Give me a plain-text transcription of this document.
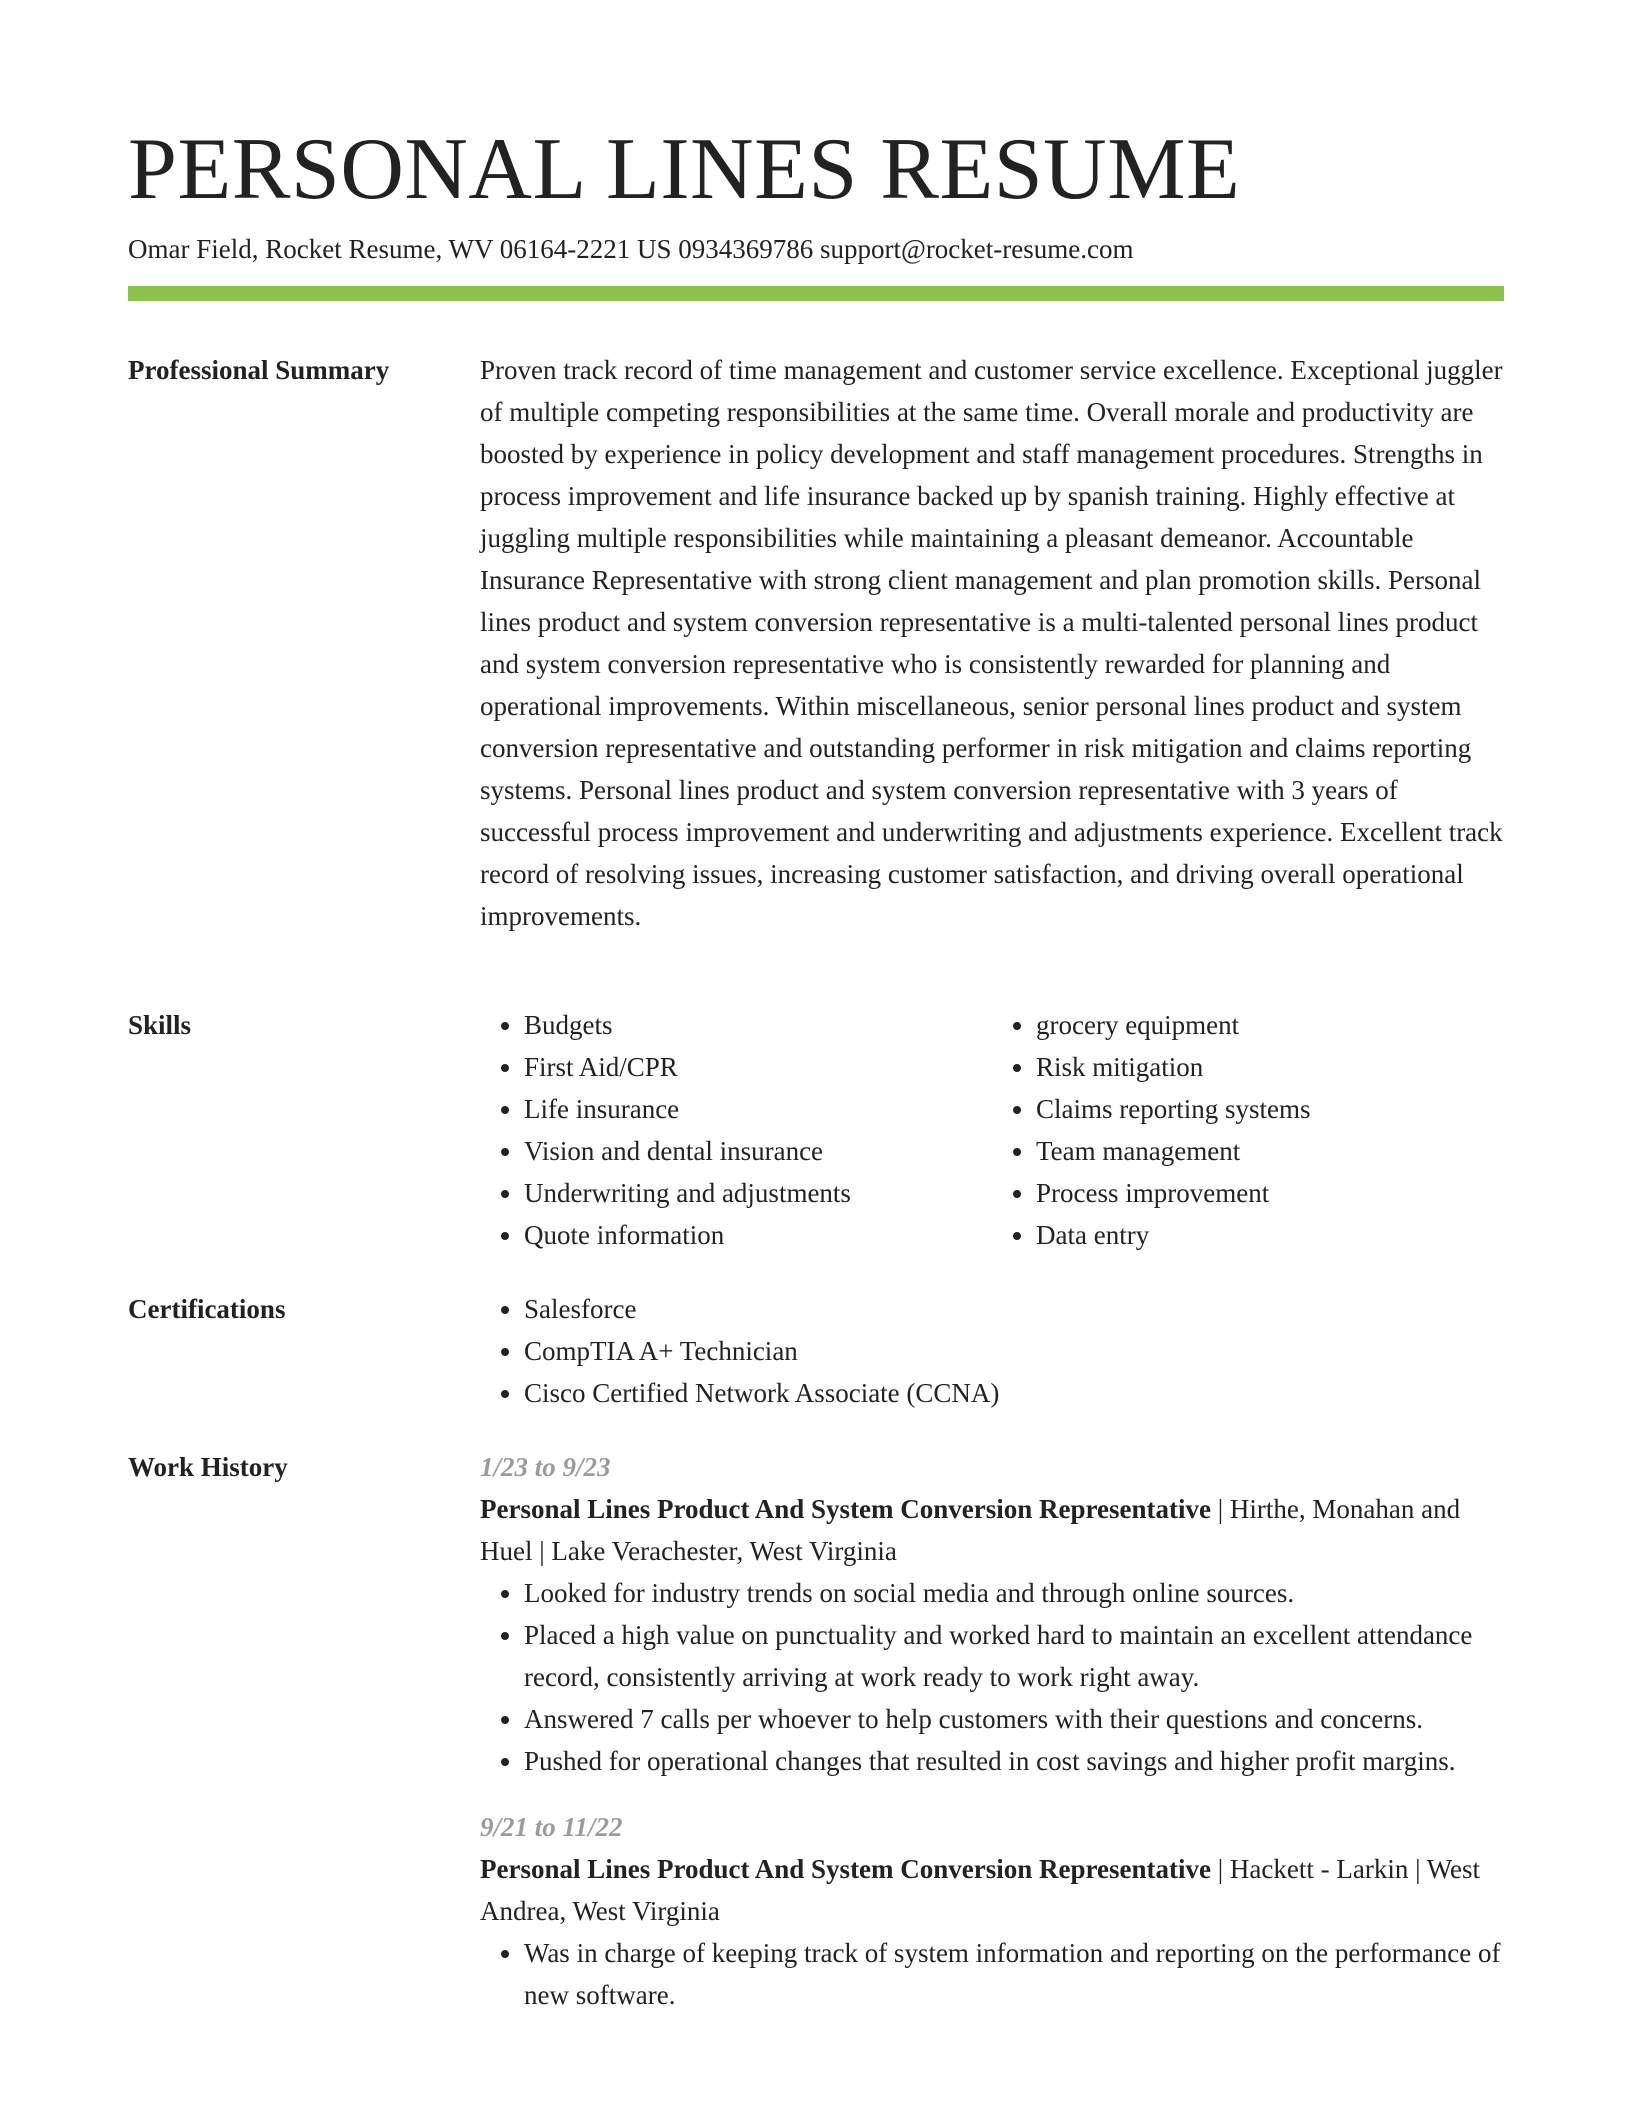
PERSONAL LINES RESUME
Omar Field, Rocket Resume, WV 06164-2221 US 0934369786 support@rocket-resume.com
Professional Summary	Proven track record of time management and customer service excellence. Exceptional juggler of multiple competing responsibilities at the same time. Overall morale and productivity are boosted by experience in policy development and staff management procedures. Strengths in process improvement and life insurance backed up by spanish training. Highly effective at juggling multiple responsibilities while maintaining a pleasant demeanor. Accountable Insurance Representative with strong client management and plan promotion skills. Personal lines product and system conversion representative is a multi-talented personal lines product and system conversion representative who is consistently rewarded for planning and operational improvements. Within miscellaneous, senior personal lines product and system conversion representative and outstanding performer in risk mitigation and claims reporting systems. Personal lines product and system conversion representative with 3 years of successful process improvement and underwriting and adjustments experience. Excellent track record of resolving issues, increasing customer satisfaction, and driving overall operational improvements.

Skills	• Budgets
• First Aid/CPR
• Life insurance
• Vision and dental insurance
• Underwriting and adjustments
• Quote information
• grocery equipment
• Risk mitigation
• Claims reporting systems
• Team management
• Process improvement
• Data entry
Certifications	• Salesforce
• CompTIA A+ Technician
• Cisco Certified Network Associate (CCNA)
Work History	1/23 to 9/23
Personal Lines Product And System Conversion Representative | Hirthe, Monahan and Huel | Lake Verachester, West Virginia
• Looked for industry trends on social media and through online sources.
• Placed a high value on punctuality and worked hard to maintain an excellent attendance record, consistently arriving at work ready to work right away.
• Answered 7 calls per whoever to help customers with their questions and concerns.
• Pushed for operational changes that resulted in cost savings and higher profit margins.
9/21 to 11/22
Personal Lines Product And System Conversion Representative | Hackett - Larkin | West Andrea, West Virginia
• Was in charge of keeping track of system information and reporting on the performance of new software.
